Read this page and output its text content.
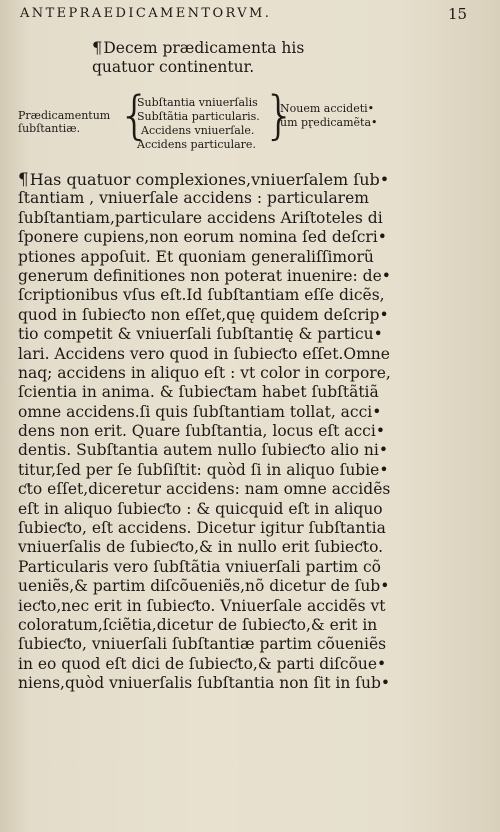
ANTEPRAEDICAMENTORVM.	15
¶Decem prædicamenta his
quatuor continentur.
Prædicamentum
ſubſtantiæ. {
Subſtantia vniuerſalis
Subſtãtia particularis.
Accidens vniuerſale.
Accidens particulare. }
Nouem accideti•
um pr̨edicamẽta•
¶Has quatuor complexiones,vniuerſalem ſub•
ſtantiam , vniuerſale accidens : particularem
ſubſtantiam,particulare accidens Ariſtoteles di
ſponere cupiens,non eorum nomina ſed deſcri•
ptiones appoſuit. Et quoniam generaliſſimorũ
generum definitiones non poterat inuenire: de•
ſcriptionibus vſus eſt.Id ſubſtantiam eſſe dicẽs,
quod in ſubieƈto non eſſet,quę quidem deſcrip•
tio competit & vniuerſali ſubſtantię & particu•
lari. Accidens vero quod in ſubieƈto eſſet.Omne
naq; accidens in aliquo eſt : vt color in corpore,
ſcientia in anima. & ſubieƈtam habet ſubſtãtiã
omne accidens.ſi quis ſubſtantiam tollat, acci•
dens non erit. Quare ſubſtantia, locus eſt acci•
dentis. Subſtantia autem nullo ſubieƈto alio ni•
titur,ſed per ſe ſubſiſtit: quòd ſi in aliquo ſubie•
ƈto eſſet,diceretur accidens: nam omne accidẽs
eſt in aliquo ſubieƈto : & quicquid eſt in aliquo
ſubieƈto, eſt accidens. Dicetur igitur ſubſtantia
vniuerſalis de ſubieƈto,& in nullo erit ſubieƈto.
Particularis vero ſubſtãtia vniuerſali partim cõ
ueniẽs,& partim diſcõueniẽs,nõ dicetur de ſub•
ieƈto,nec erit in ſubieƈto. Vniuerſale accidẽs vt
coloratum,ſciẽtia,dicetur de ſubieƈto,& erit in
ſubieƈto, vniuerſali ſubſtantiæ partim cõueniẽs
in eo quod eſt dici de ſubieƈto,& parti diſcõue•
niens,quòd vniuerſalis ſubſtantia non ſit in ſub•
